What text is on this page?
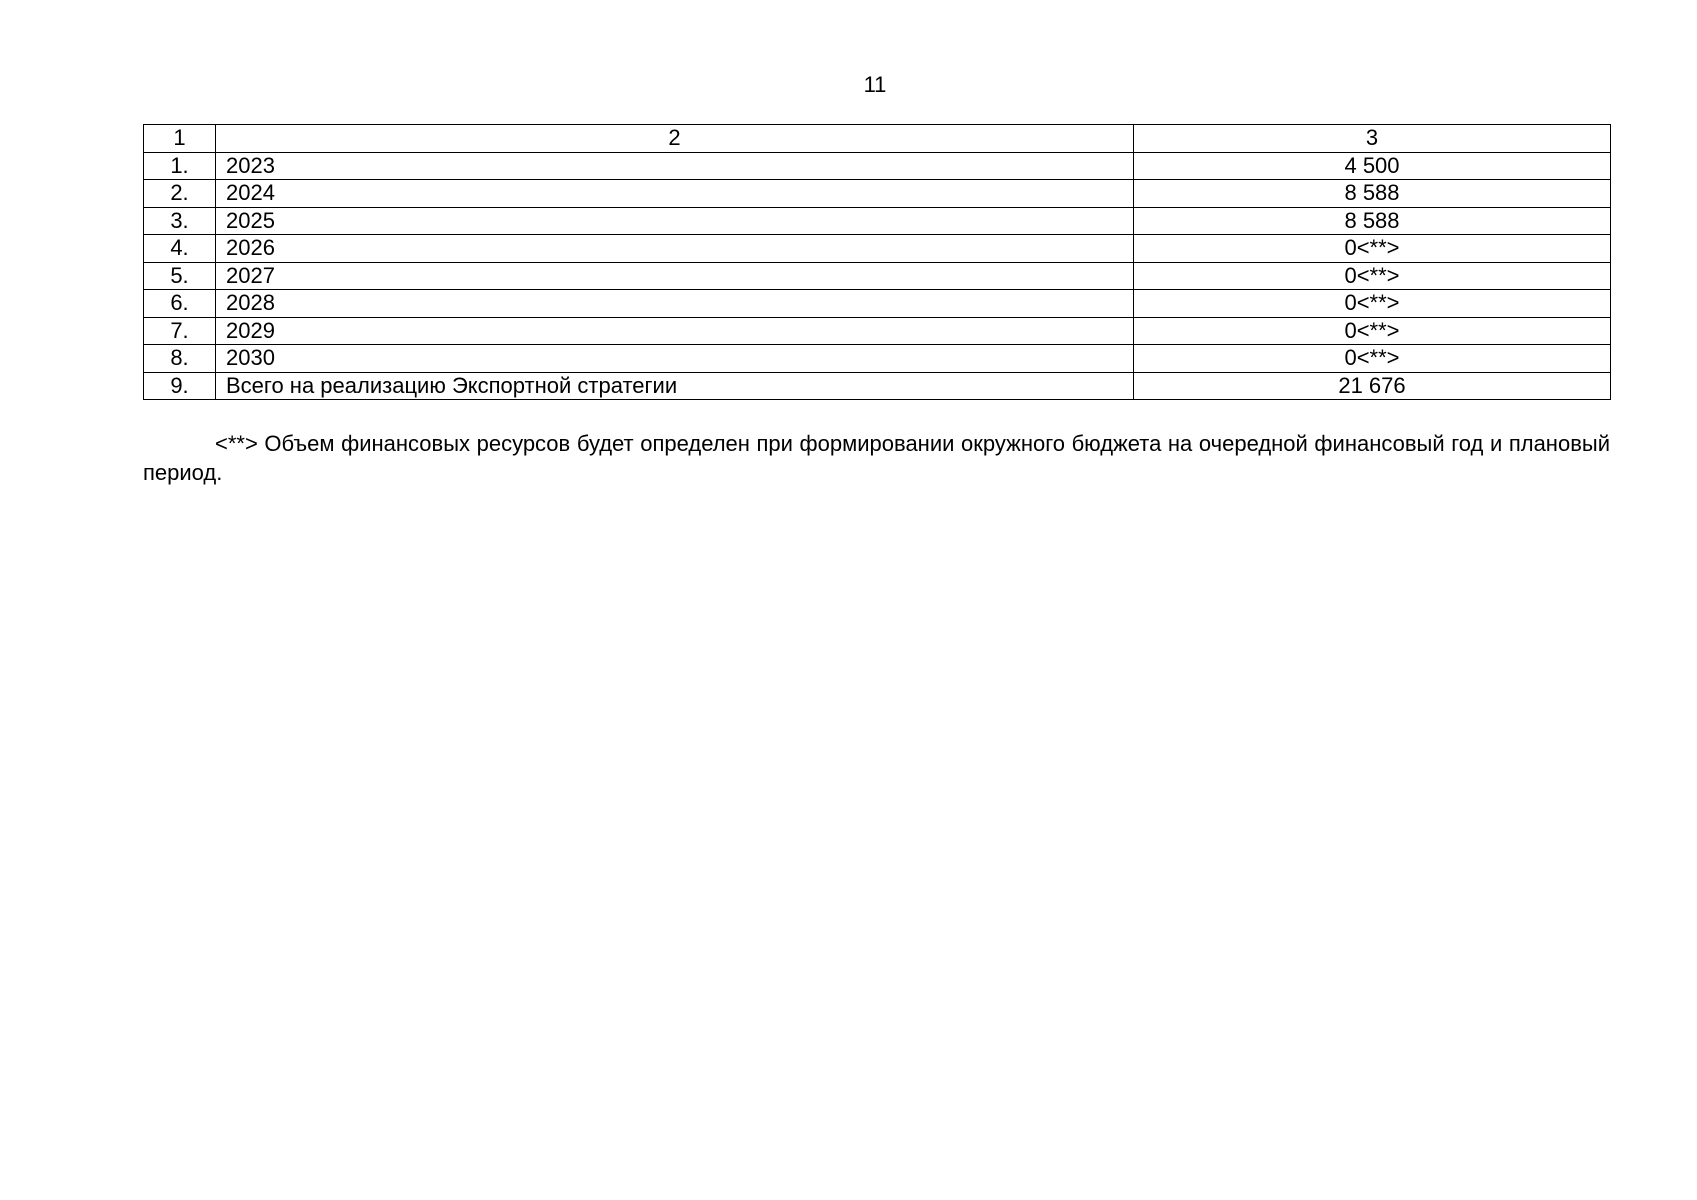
11
1	2	3
1.	2023	4 500
2.	2024	8 588
3.	2025	8 588
4.	2026	0<**>
5.	2027	0<**>
6.	2028	0<**>
7.	2029	0<**>
8.	2030	0<**>
9.	Всего на реализацию Экспортной стратегии	21 676

<**> Объем финансовых ресурсов будет определен при формировании окружного бюджета на очередной финансовый год и плановый период.
